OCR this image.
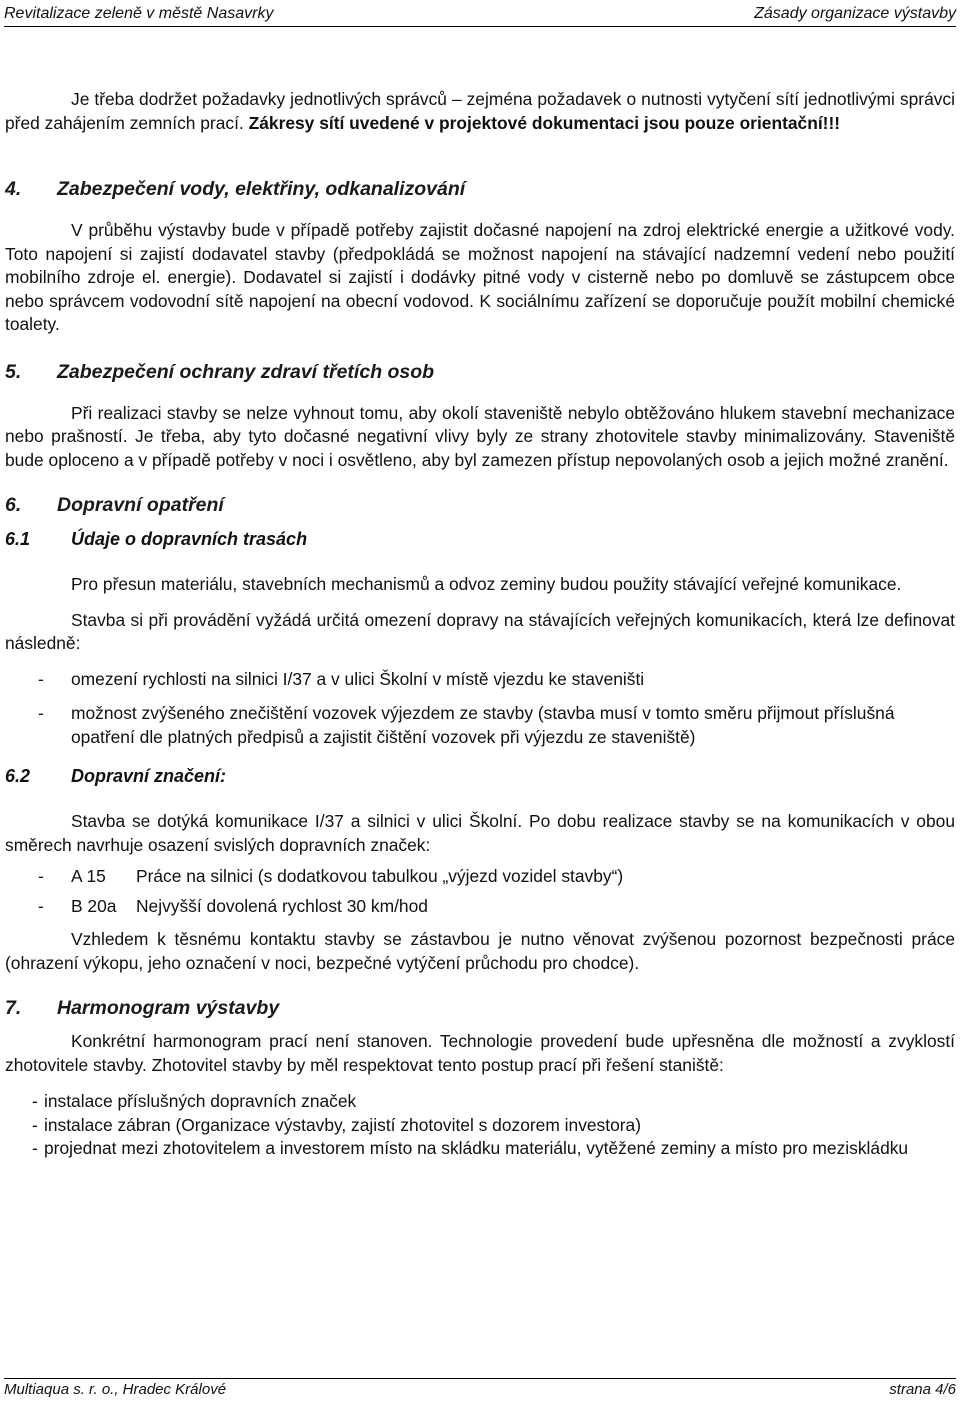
Revitalizace zeleně v městě Nasavrky	Zásady organizace výstavby

Je třeba dodržet požadavky jednotlivých správců – zejména požadavek o nutnosti vytyčení sítí jednotlivými správci před zahájením zemních prací. Zákresy sítí uvedené v projektové dokumentaci jsou pouze orientační!!!

4. Zabezpečení vody, elektřiny, odkanalizování

V průběhu výstavby bude v případě potřeby zajistit dočasné napojení na zdroj elektrické energie a užitkové vody. Toto napojení si zajistí dodavatel stavby (předpokládá se možnost napojení na stávající nadzemní vedení nebo použití mobilního zdroje el. energie). Dodavatel si zajistí i dodávky pitné vody v cisterně nebo po domluvě se zástupcem obce nebo správcem vodovodní sítě napojení na obecní vodovod. K sociálnímu zařízení se doporučuje použít mobilní chemické toalety.

5. Zabezpečení ochrany zdraví třetích osob

Při realizaci stavby se nelze vyhnout tomu, aby okolí staveniště nebylo obtěžováno hlukem stavební mechanizace nebo prašností. Je třeba, aby tyto dočasné negativní vlivy byly ze strany zhotovitele stavby minimalizovány. Staveniště bude oploceno a v případě potřeby v noci i osvětleno, aby byl zamezen přístup nepovolaných osob a jejich možné zranění.

6. Dopravní opatření
6.1 Údaje o dopravních trasách

Pro přesun materiálu, stavebních mechanismů a odvoz zeminy budou použity stávající veřejné komunikace.

Stavba si při provádění vyžádá určitá omezení dopravy na stávajících veřejných komunikacích, která lze definovat následně:

- omezení rychlosti na silnici I/37 a v ulici Školní v místě vjezdu ke staveništi
- možnost zvýšeného znečištění vozovek výjezdem ze stavby (stavba musí v tomto směru přijmout příslušná opatření dle platných předpisů a zajistit čištění vozovek při výjezdu ze staveniště)
6.2 Dopravní značení:

Stavba se dotýká komunikace I/37 a silnici v ulici Školní. Po dobu realizace stavby se na komunikacích v obou směrech navrhuje osazení svislých dopravních značek:

- A 15 Práce na silnici (s dodatkovou tabulkou „výjezd vozidel stavby“)
- B 20a Nejvyšší dovolená rychlost 30 km/hod

Vzhledem k těsnému kontaktu stavby se zástavbou je nutno věnovat zvýšenou pozornost bezpečnosti práce (ohrazení výkopu, jeho označení v noci, bezpečné vytýčení průchodu pro chodce).

7. Harmonogram výstavby

Konkrétní harmonogram prací není stanoven. Technologie provedení bude upřesněna dle možností a zvyklostí zhotovitele stavby. Zhotovitel stavby by měl respektovat tento postup prací při řešení staniště:

- instalace příslušných dopravních značek
- instalace zábran (Organizace výstavby, zajistí zhotovitel s dozorem investora)
- projednat mezi zhotovitelem a investorem místo na skládku materiálu, vytěžené zeminy a místo pro meziskládku
Multiaqua s. r. o., Hradec Králové	strana 4/6
